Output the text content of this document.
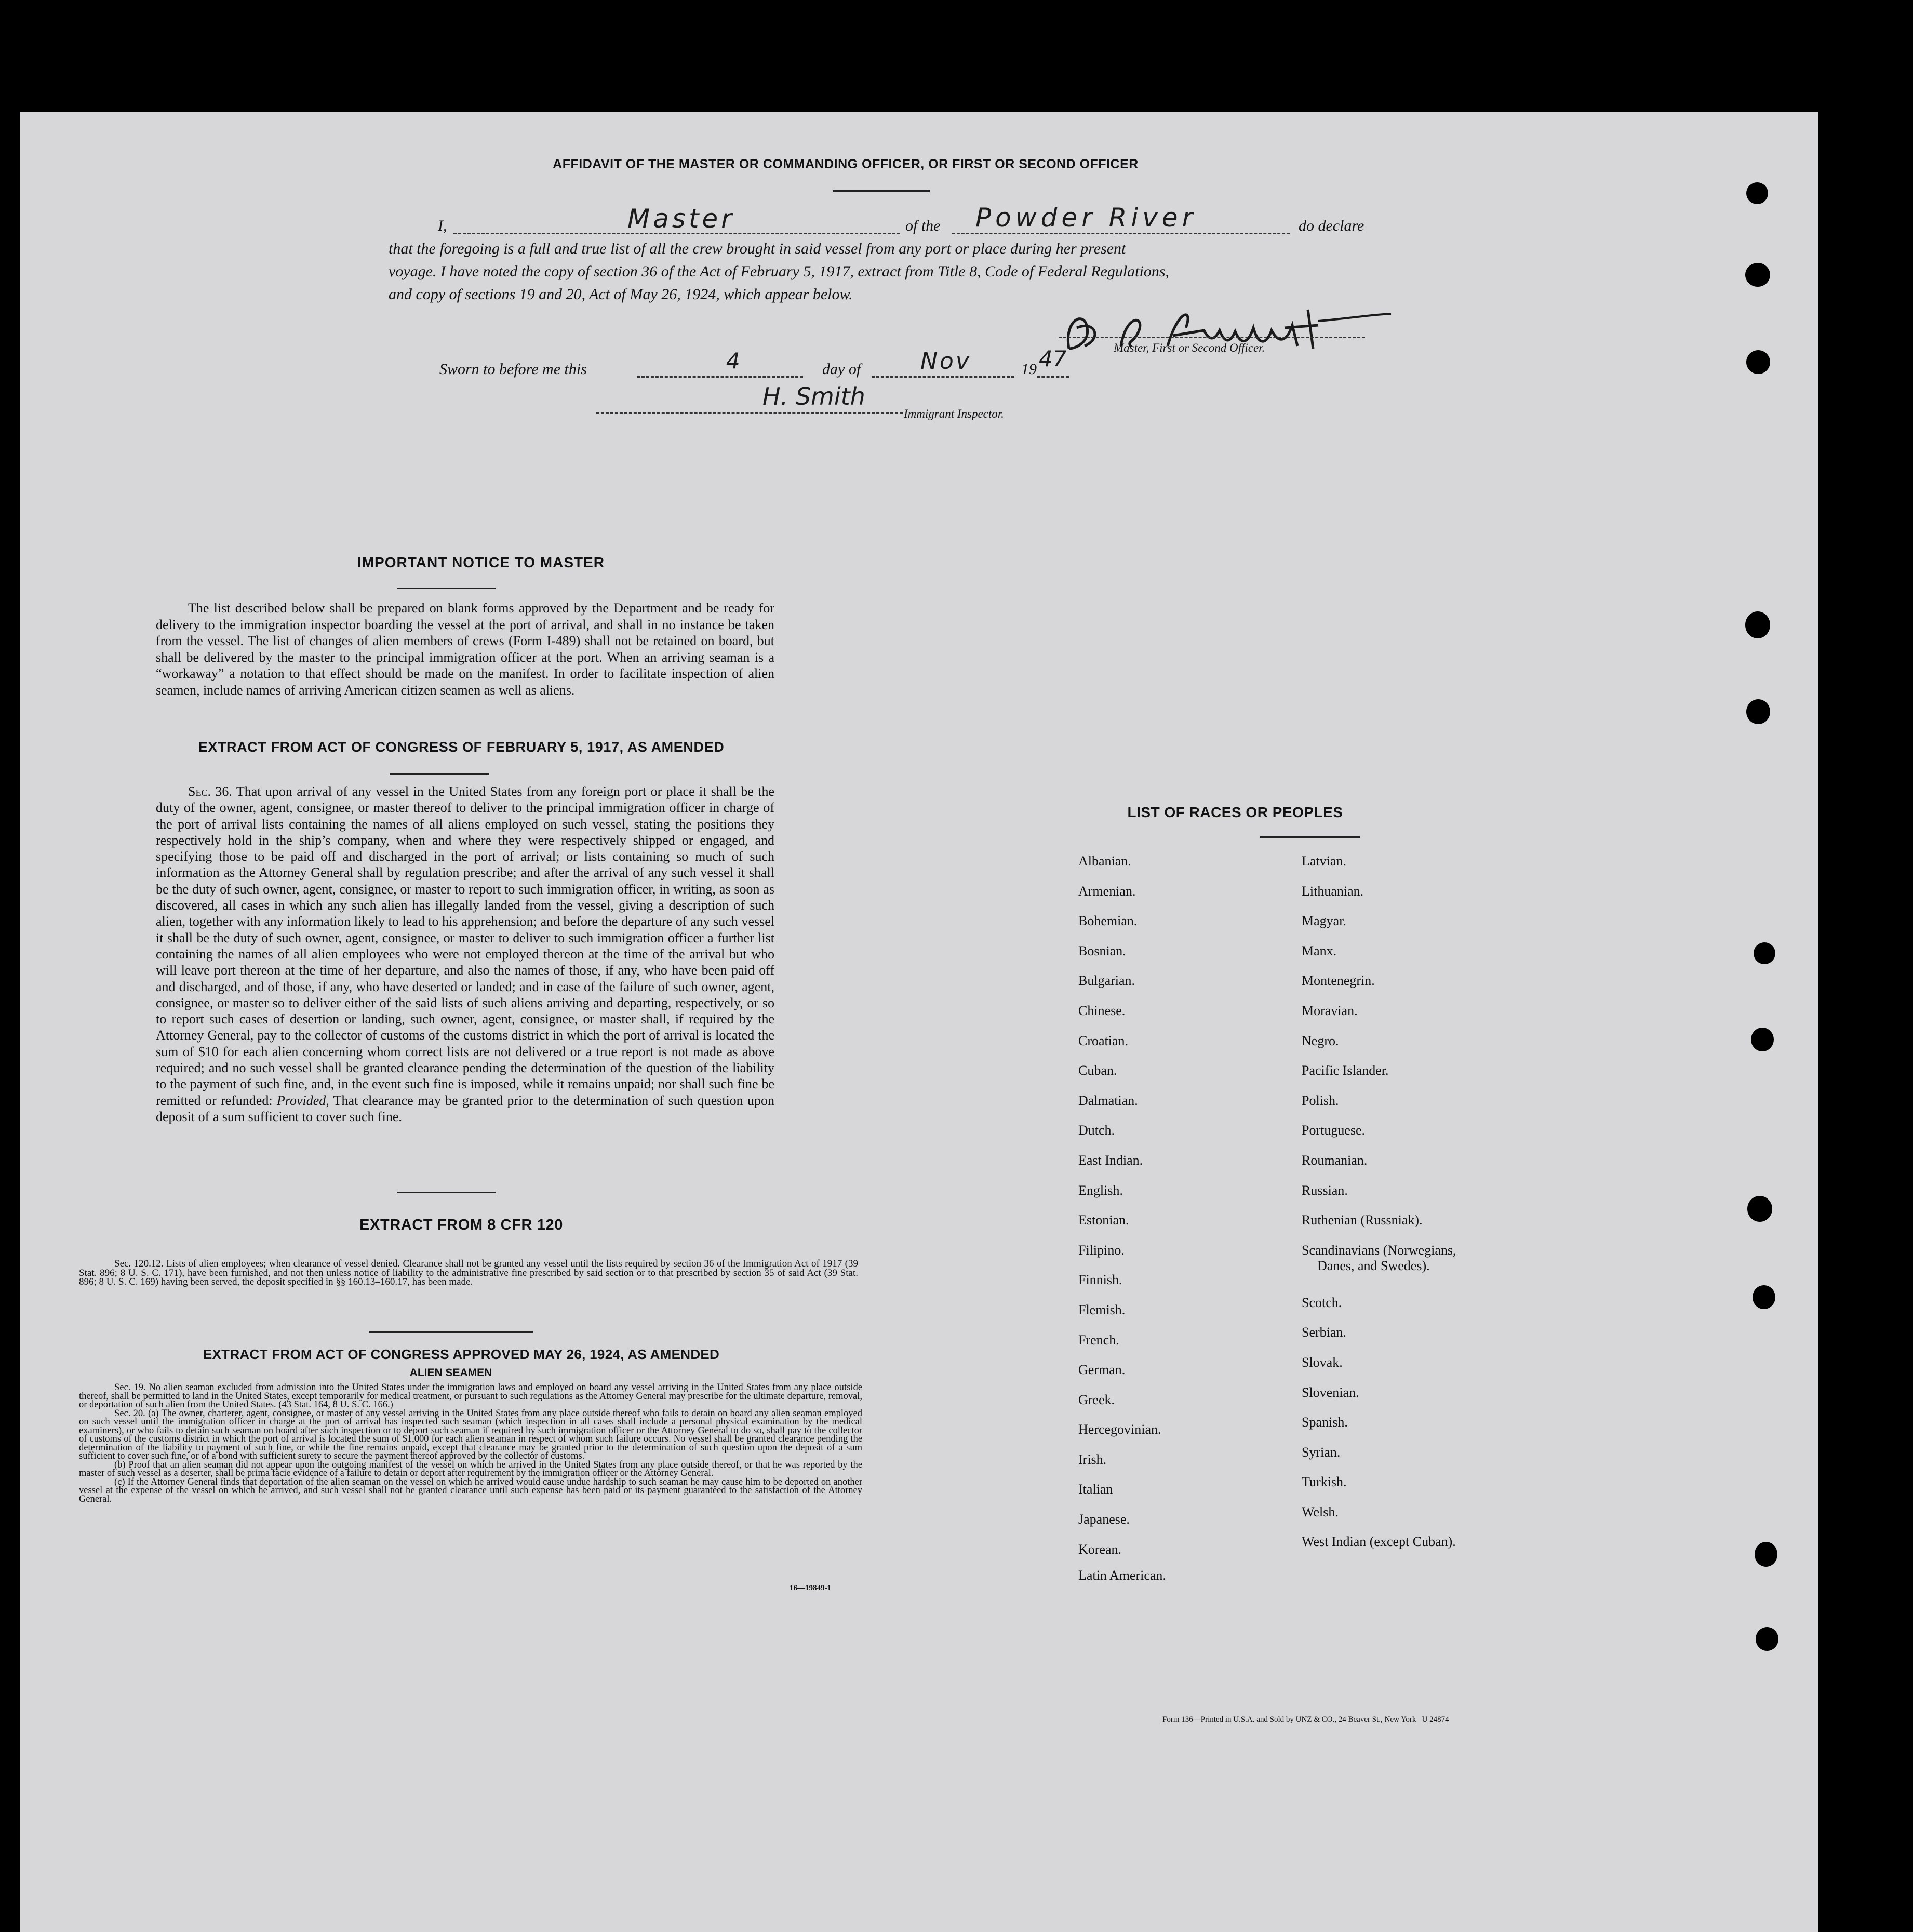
AFFIDAVIT OF THE MASTER OR COMMANDING OFFICER, OR FIRST OR SECOND OFFICER
I,	Master	of the Powder River	do declare
that the foregoing is a full and true list of all the crew brought in said vessel from any port or place during her present
voyage. I have noted the copy of section 36 of the Act of February 5, 1917, extract from Title 8, Code of Federal Regulations,
and copy of sections 19 and 20, Act of May 26, 1924, which appear below.
Master, First or Second Officer.
Sworn to before me this	4	day of	Nov	19 47
H. Smith
Immigrant Inspector.
IMPORTANT NOTICE TO MASTER

The list described below shall be prepared on blank forms approved by the Department and be ready for delivery to the immigration inspector boarding the vessel at the port of arrival, and shall in no instance be taken from the vessel. The list of changes of alien members of crews (Form I-489) shall not be retained on board, but shall be delivered by the master to the principal immigration officer at the port. When an arriving seaman is a “workaway” a notation to that effect should be made on the manifest. In order to facilitate inspection of alien seamen, include names of arriving American citizen seamen as well as aliens.

EXTRACT FROM ACT OF CONGRESS OF FEBRUARY 5, 1917, AS AMENDED

Sec. 36. That upon arrival of any vessel in the United States from any foreign port or place it shall be the duty of the owner, agent, consignee, or master thereof to deliver to the principal immigration officer in charge of the port of arrival lists containing the names of all aliens employed on such vessel, stating the positions they respectively hold in the ship’s company, when and where they were respectively shipped or engaged, and specifying those to be paid off and discharged in the port of arrival; or lists containing so much of such information as the Attorney General shall by regulation prescribe; and after the arrival of any such vessel it shall be the duty of such owner, agent, consignee, or master to report to such immigration officer, in writing, as soon as discovered, all cases in which any such alien has illegally landed from the vessel, giving a description of such alien, together with any information likely to lead to his apprehension; and before the departure of any such vessel it shall be the duty of such owner, agent, consignee, or master to deliver to such immigration officer a further list containing the names of all alien employees who were not employed thereon at the time of the arrival but who will leave port thereon at the time of her departure, and also the names of those, if any, who have been paid off and discharged, and of those, if any, who have deserted or landed; and in case of the failure of such owner, agent, consignee, or master so to deliver either of the said lists of such aliens arriving and departing, respectively, or so to report such cases of desertion or landing, such owner, agent, consignee, or master shall, if required by the Attorney General, pay to the collector of customs of the customs district in which the port of arrival is located the sum of $10 for each alien concerning whom correct lists are not delivered or a true report is not made as above required; and no such vessel shall be granted clearance pending the determination of the question of the liability to the payment of such fine, and, in the event such fine is imposed, while it remains unpaid; nor shall such fine be remitted or refunded: Provided, That clearance may be granted prior to the determination of such question upon deposit of a sum sufficient to cover such fine.

EXTRACT FROM 8 CFR 120

Sec. 120.12. Lists of alien employees; when clearance of vessel denied. Clearance shall not be granted any vessel until the lists required by section 36 of the Immigration Act of 1917 (39 Stat. 896; 8 U. S. C. 171), have been furnished, and not then unless notice of liability to the administrative fine prescribed by said section or to that prescribed by section 35 of said Act (39 Stat. 896; 8 U. S. C. 169) having been served, the deposit specified in §§ 160.13–160.17, has been made.

EXTRACT FROM ACT OF CONGRESS APPROVED MAY 26, 1924, AS AMENDED
ALIEN SEAMEN

Sec. 19. No alien seaman excluded from admission into the United States under the immigration laws and employed on board any vessel arriving in the United States from any place outside thereof, shall be permitted to land in the United States, except temporarily for medical treatment, or pursuant to such regulations as the Attorney General may prescribe for the ultimate departure, removal, or deportation of such alien from the United States. (43 Stat. 164, 8 U. S. C. 166.)

Sec. 20. (a) The owner, charterer, agent, consignee, or master of any vessel arriving in the United States from any place outside thereof who fails to detain on board any alien seaman employed on such vessel until the immigration officer in charge at the port of arrival has inspected such seaman (which inspection in all cases shall include a personal physical examination by the medical examiners), or who fails to detain such seaman on board after such inspection or to deport such seaman if required by such immigration officer or the Attorney General to do so, shall pay to the collector of customs of the customs district in which the port of arrival is located the sum of $1,000 for each alien seaman in respect of whom such failure occurs. No vessel shall be granted clearance pending the determination of the liability to payment of such fine, or while the fine remains unpaid, except that clearance may be granted prior to the determination of such question upon the deposit of a sum sufficient to cover such fine, or of a bond with sufficient surety to secure the payment thereof approved by the collector of customs.

(b) Proof that an alien seaman did not appear upon the outgoing manifest of the vessel on which he arrived in the United States from any place outside thereof, or that he was reported by the master of such vessel as a deserter, shall be prima facie evidence of a failure to detain or deport after requirement by the immigration officer or the Attorney General.

(c) If the Attorney General finds that deportation of the alien seaman on the vessel on which he arrived would cause undue hardship to such seaman he may cause him to be deported on another vessel at the expense of the vessel on which he arrived, and such vessel shall not be granted clearance until such expense has been paid or its payment guaranteed to the satisfaction of the Attorney General.

16—19849-1
LIST OF RACES OR PEOPLES
Albanian.
Armenian.
Bohemian.
Bosnian.
Bulgarian.
Chinese.
Croatian.
Cuban.
Dalmatian.
Dutch.
East Indian.
English.
Estonian.
Filipino.
Finnish.
Flemish.
French.
German.
Greek.
Hercegovinian.
Irish.
Italian
Japanese.
Korean.
Latin American.
Latvian.
Lithuanian.
Magyar.
Manx.
Montenegrin.
Moravian.
Negro.
Pacific Islander.
Polish.
Portuguese.
Roumanian.
Russian.
Ruthenian (Russniak).
Scandinavians (Norwegians,
Danes, and Swedes).
Scotch.
Serbian.
Slovak.
Slovenian.
Spanish.
Syrian.
Turkish.
Welsh.
West Indian (except Cuban).
Form 136—Printed in U.S.A. and Sold by UNZ & CO., 24 Beaver St., New York   U 24874
